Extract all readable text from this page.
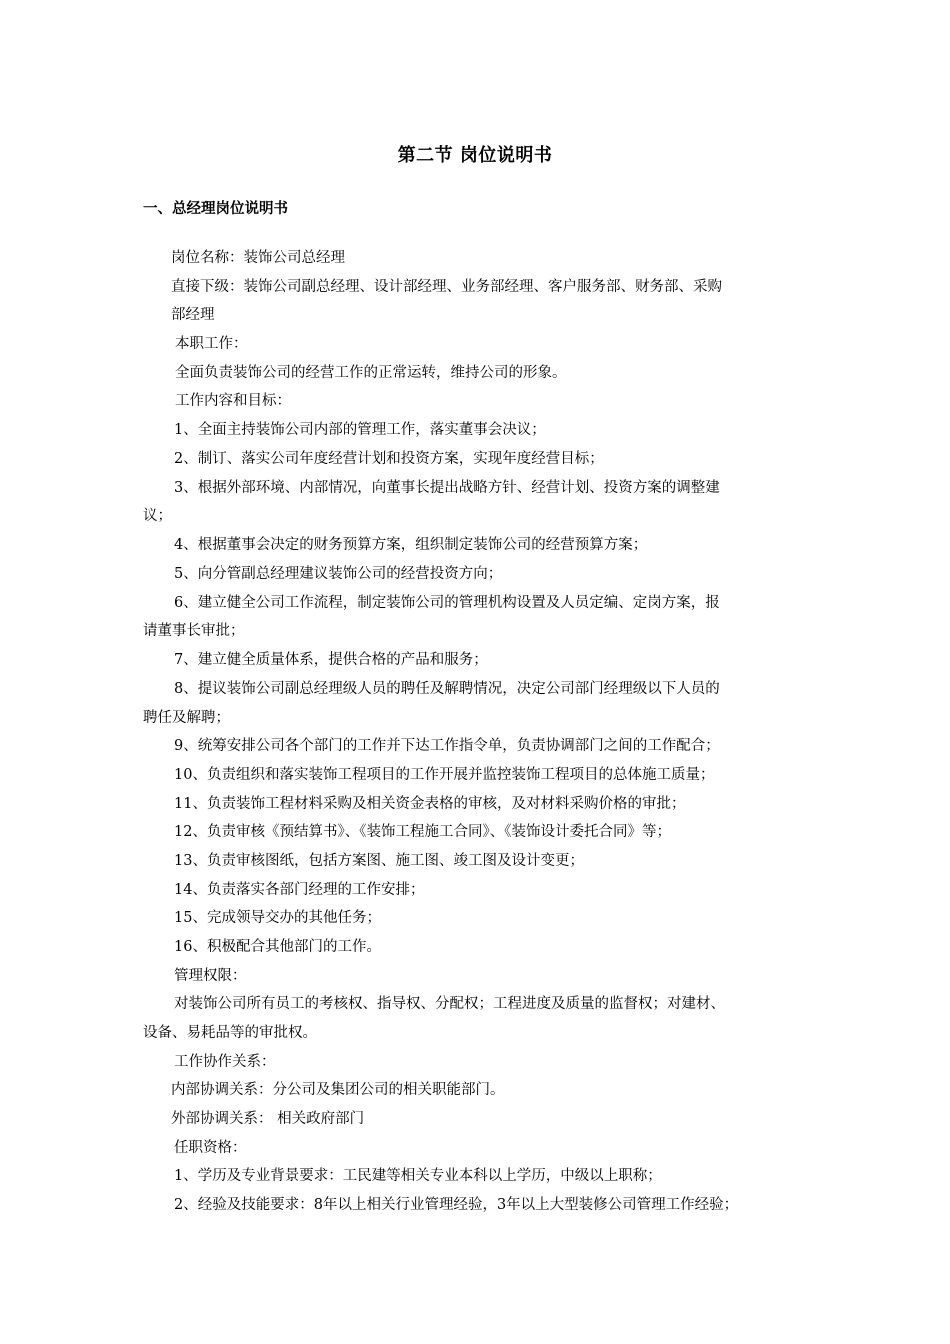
第二节 岗位说明书
一、总经理岗位说明书
岗位名称：装饰公司总经理
直接下级：装饰公司副总经理、设计部经理、业务部经理、客户服务部、财务部、采购
部经理
本职工作：
全面负责装饰公司的经营工作的正常运转，维持公司的形象。
工作内容和目标：
1、全面主持装饰公司内部的管理工作，落实董事会决议；
2、制订、落实公司年度经营计划和投资方案，实现年度经营目标；
3、根据外部环境、内部情况，向董事长提出战略方针、经营计划、投资方案的调整建
议；
4、根据董事会决定的财务预算方案，组织制定装饰公司的经营预算方案；
5、向分管副总经理建议装饰公司的经营投资方向；
6、建立健全公司工作流程，制定装饰公司的管理机构设置及人员定编、定岗方案，报
请董事长审批；
7、建立健全质量体系，提供合格的产品和服务；
8、提议装饰公司副总经理级人员的聘任及解聘情况，决定公司部门经理级以下人员的
聘任及解聘；
9、统筹安排公司各个部门的工作并下达工作指令单，负责协调部门之间的工作配合；
10、负责组织和落实装饰工程项目的工作开展并监控装饰工程项目的总体施工质量；
11、负责装饰工程材料采购及相关资金表格的审核，及对材料采购价格的审批；
12、负责审核《预结算书》、《装饰工程施工合同》、《装饰设计委托合同》等；
13、负责审核图纸，包括方案图、施工图、竣工图及设计变更；
14、负责落实各部门经理的工作安排；
15、完成领导交办的其他任务；
16、积极配合其他部门的工作。
管理权限：
对装饰公司所有员工的考核权、指导权、分配权；工程进度及质量的监督权；对建材、
设备、易耗品等的审批权。
工作协作关系：
内部协调关系：分公司及集团公司的相关职能部门。
外部协调关系： 相关政府部门
任职资格：
1、学历及专业背景要求：工民建等相关专业本科以上学历，中级以上职称；
2、经验及技能要求：8年以上相关行业管理经验，3年以上大型装修公司管理工作经验；
